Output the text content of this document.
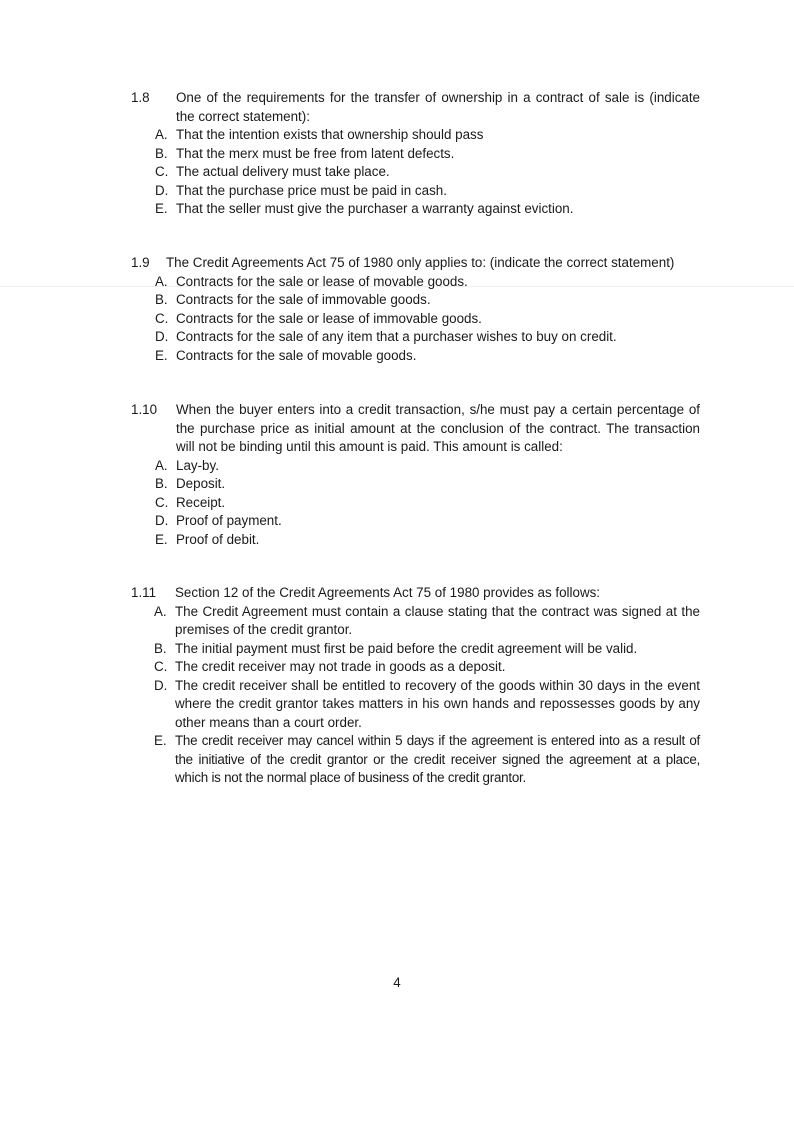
1.8 One of the requirements for the transfer of ownership in a contract of sale is (indicate the correct statement):
A. That the intention exists that ownership should pass
B. That the merx must be free from latent defects.
C. The actual delivery must take place.
D. That the purchase price must be paid in cash.
E. That the seller must give the purchaser a warranty against eviction.
1.9 The Credit Agreements Act 75 of 1980 only applies to: (indicate the correct statement)
A. Contracts for the sale or lease of movable goods.
B. Contracts for the sale of immovable goods.
C. Contracts for the sale or lease of immovable goods.
D. Contracts for the sale of any item that a purchaser wishes to buy on credit.
E. Contracts for the sale of movable goods.
1.10 When the buyer enters into a credit transaction, s/he must pay a certain percentage of the purchase price as initial amount at the conclusion of the contract. The transaction will not be binding until this amount is paid. This amount is called:
A. Lay-by.
B. Deposit.
C. Receipt.
D. Proof of payment.
E. Proof of debit.
1.11 Section 12 of the Credit Agreements Act 75 of 1980 provides as follows:
A. The Credit Agreement must contain a clause stating that the contract was signed at the premises of the credit grantor.
B. The initial payment must first be paid before the credit agreement will be valid.
C. The credit receiver may not trade in goods as a deposit.
D. The credit receiver shall be entitled to recovery of the goods within 30 days in the event where the credit grantor takes matters in his own hands and repossesses goods by any other means than a court order.
E. The credit receiver may cancel within 5 days if the agreement is entered into as a result of the initiative of the credit grantor or the credit receiver signed the agreement at a place, which is not the normal place of business of the credit grantor.
4
